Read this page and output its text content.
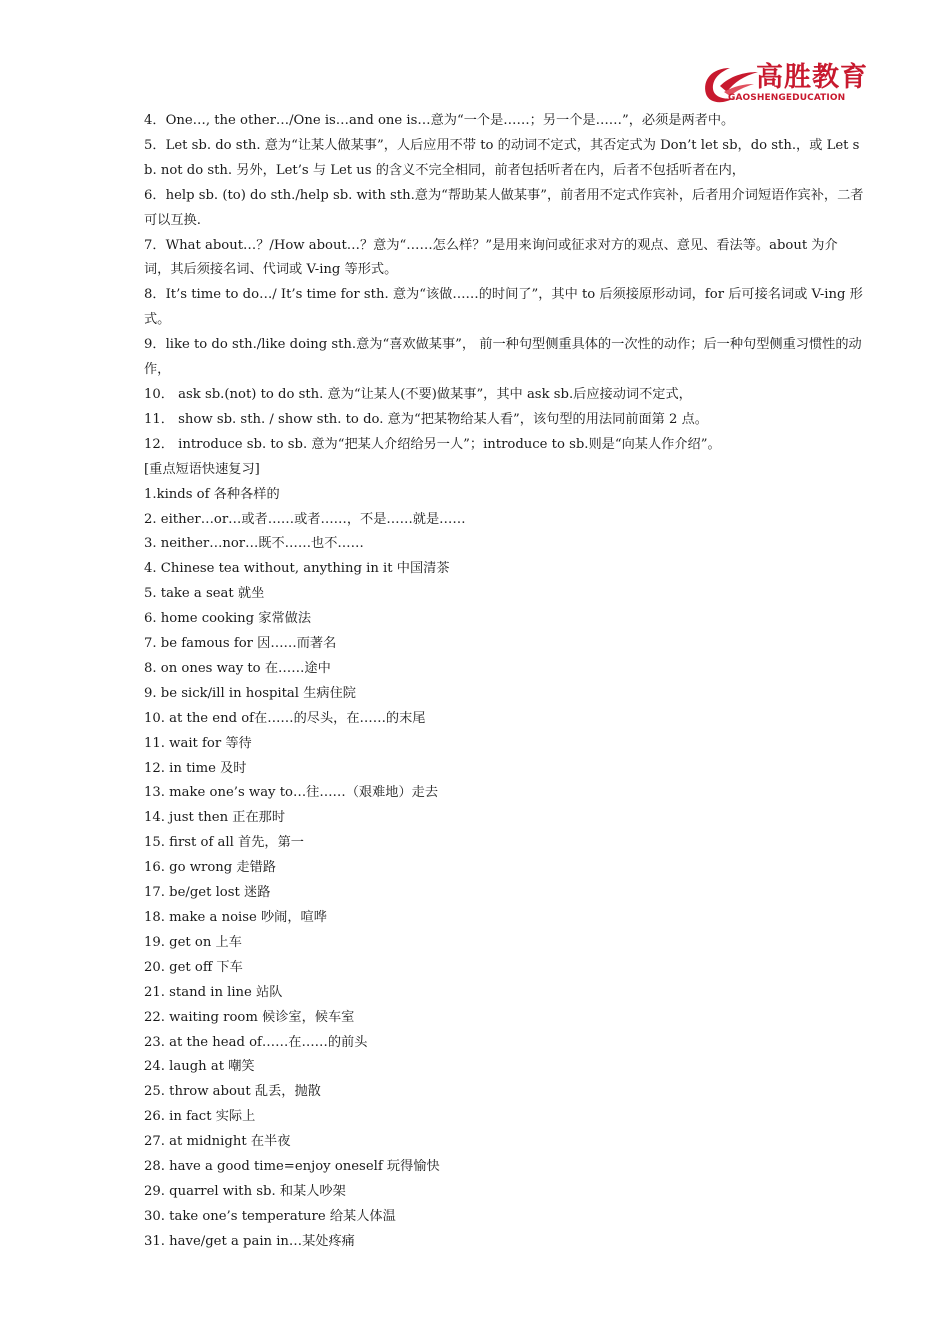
高胜教育
GAOSHENGEDUCATION

4．One…, the other…/One is…and one is…意为“一个是……；另一个是……”，必须是两者中。

5．Let sb. do sth. 意为“让某人做某事”，人后应用不带 to 的动词不定式，其否定式为 Don’t let sb，do sth.，或 Let sb. not do sth. 另外，Let’s 与 Let us 的含义不完全相同，前者包括听者在内，后者不包括听者在内，

6．help sb. (to) do sth./help sb. with sth.意为“帮助某人做某事”，前者用不定式作宾补，后者用介词短语作宾补，二者可以互换.

7．What about…？/How about…？意为“……怎么样？”是用来询问或征求对方的观点、意见、看法等。about 为介词，其后须接名词、代词或 V-ing 等形式。

8．It’s time to do…/ It’s time for sth. 意为“该做……的时间了”，其中 to 后须接原形动词，for 后可接名词或 V-ing 形式。

9．like to do sth./like doing sth.意为“喜欢做某事”， 前一种句型侧重具体的一次性的动作；后一种句型侧重习惯性的动作，

10． ask sb.(not) to do sth. 意为“让某人(不要)做某事”，其中 ask sb.后应接动词不定式，

11． show sb. sth. / show sth. to do. 意为“把某物给某人看”，该句型的用法同前面第 2 点。

12． introduce sb. to sb. 意为“把某人介绍给另一人”；introduce to sb.则是“向某人作介绍”。

[重点短语快速复习]

1.kinds of 各种各样的

2. either…or…或者……或者……，不是……就是……

3. neither…nor…既不……也不……

4. Chinese tea without, anything in it 中国清茶

5. take a seat 就坐

6. home cooking 家常做法

7. be famous for 因……而著名

8. on ones way to 在……途中

9. be sick/ill in hospital 生病住院

10. at the end of在……的尽头，在……的末尾

11. wait for 等待

12. in time 及时

13. make one’s way to…往……（艰难地）走去

14. just then 正在那时

15. first of all 首先，第一

16. go wrong 走错路

17. be/get lost 迷路

18. make a noise 吵闹，喧哗

19. get on 上车

20. get off 下车

21. stand in line 站队

22. waiting room 候诊室，候车室

23. at the head of……在……的前头

24. laugh at 嘲笑

25. throw about 乱丢，抛散

26. in fact 实际上

27. at midnight 在半夜

28. have a good time=enjoy oneself 玩得愉快

29. quarrel with sb. 和某人吵架

30. take one’s temperature 给某人体温

31. have/get a pain in…某处疼痛
